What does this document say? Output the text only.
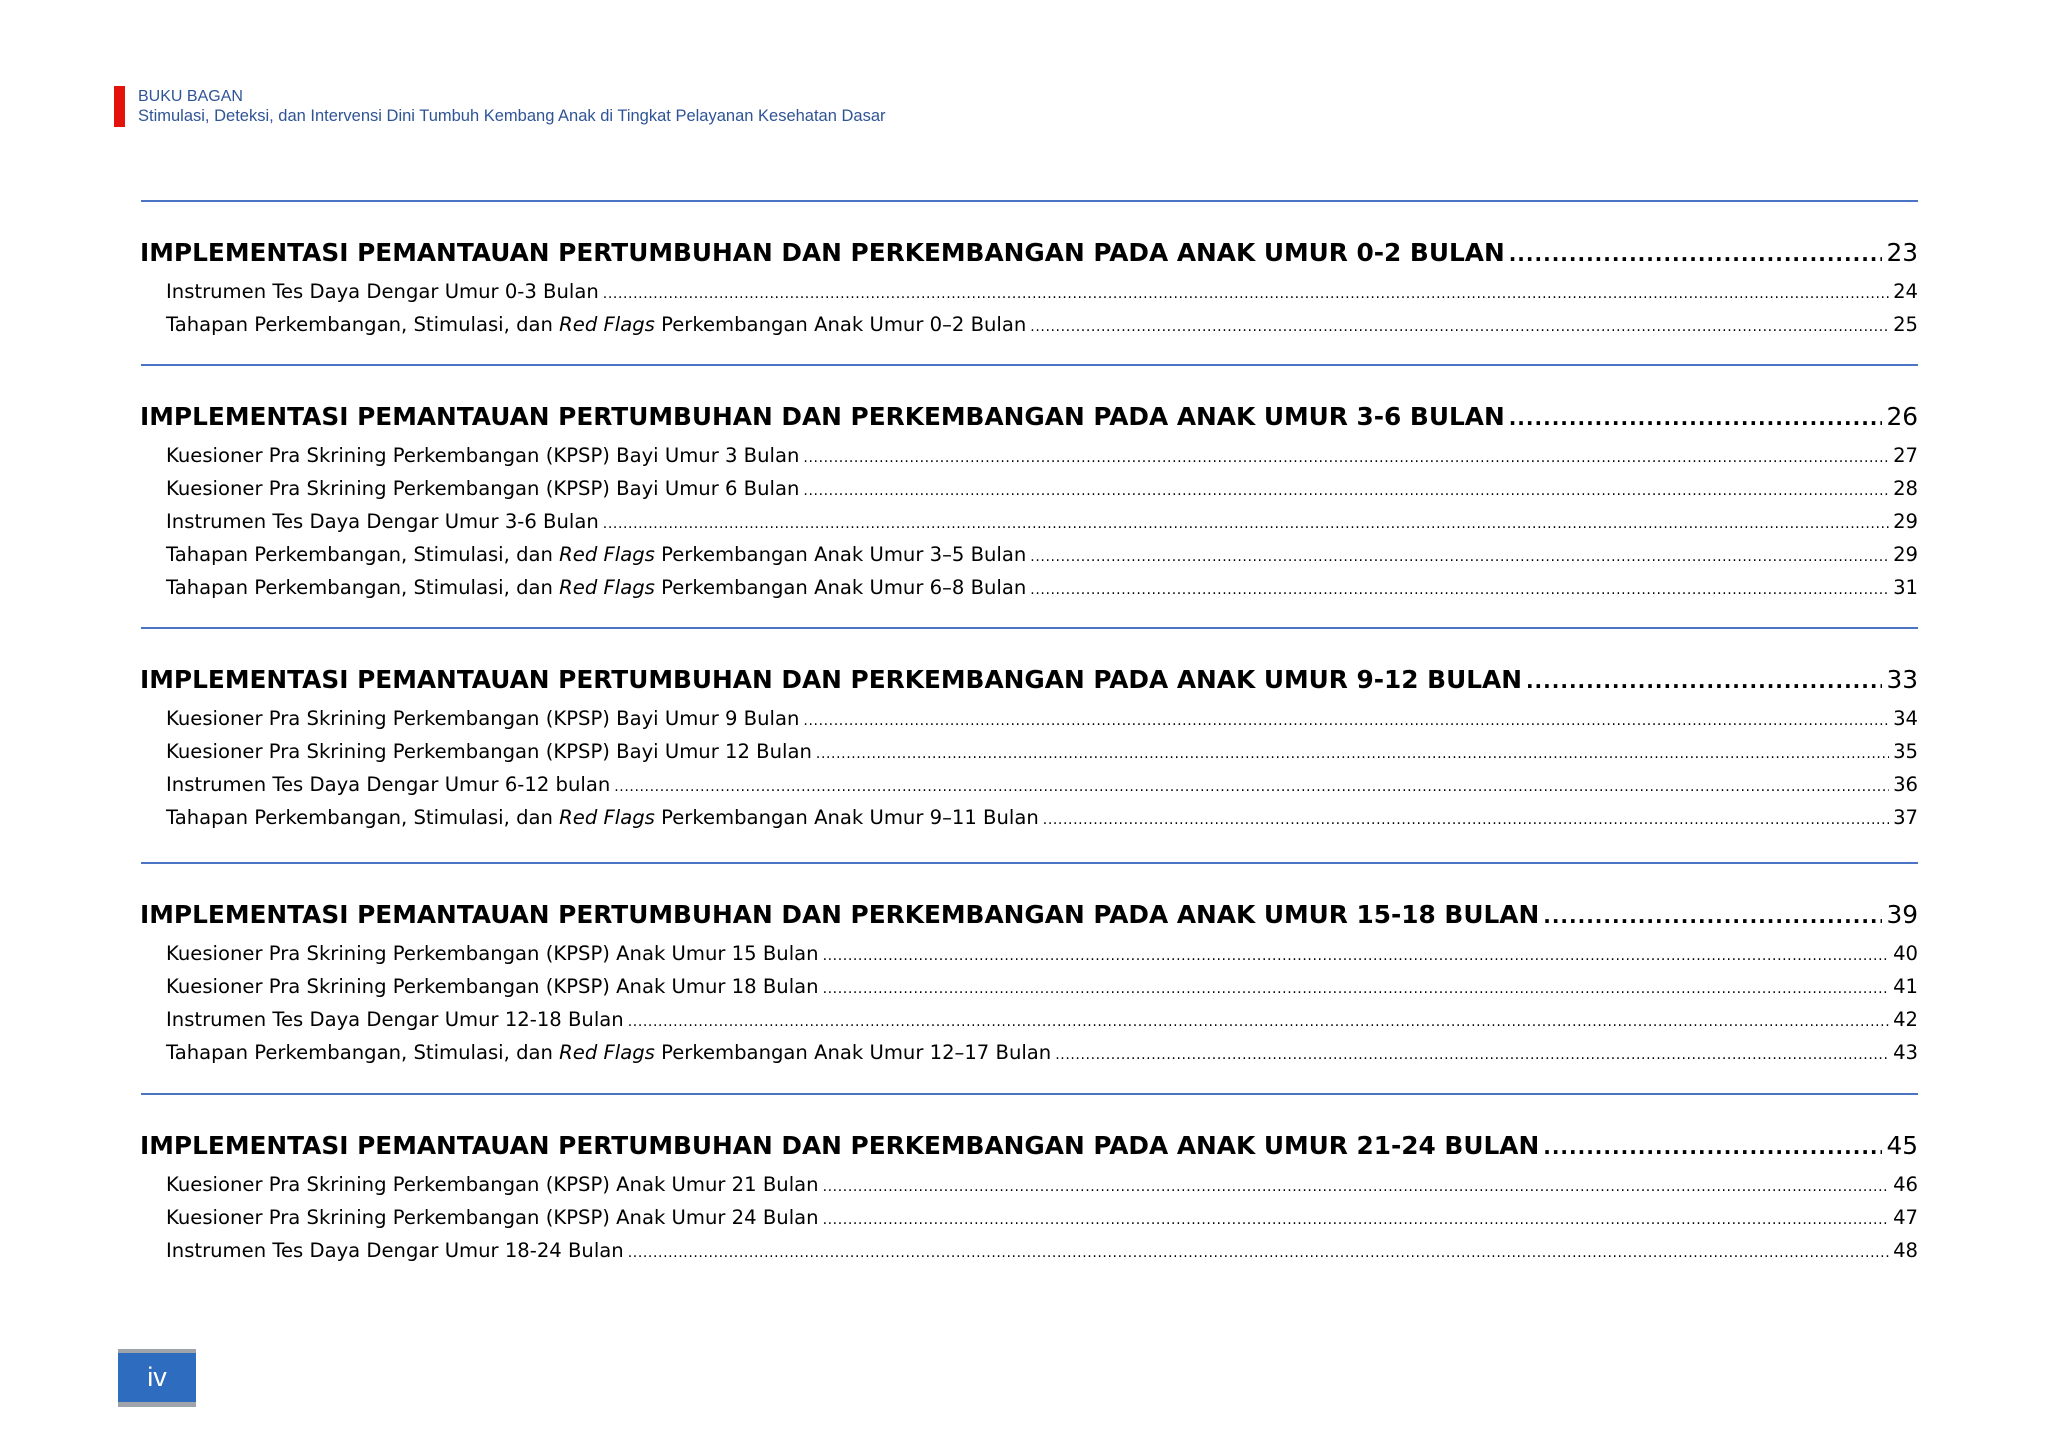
BUKU BAGAN
Stimulasi, Deteksi, dan Intervensi Dini Tumbuh Kembang Anak di Tingkat Pelayanan Kesehatan Dasar
IMPLEMENTASI PEMANTAUAN PERTUMBUHAN DAN PERKEMBANGAN PADA ANAK UMUR 0-2 BULAN .....	23
Instrumen Tes Daya Dengar Umur 0-3 Bulan .....	24
Tahapan Perkembangan, Stimulasi, dan Red Flags Perkembangan Anak Umur 0–2 Bulan .....	25
IMPLEMENTASI PEMANTAUAN PERTUMBUHAN DAN PERKEMBANGAN PADA ANAK UMUR 3-6 BULAN .....	26
Kuesioner Pra Skrining Perkembangan (KPSP) Bayi Umur 3 Bulan .....	27
Kuesioner Pra Skrining Perkembangan (KPSP) Bayi Umur 6 Bulan .....	28
Instrumen Tes Daya Dengar Umur 3-6 Bulan .....	29
Tahapan Perkembangan, Stimulasi, dan Red Flags Perkembangan Anak Umur 3–5 Bulan .....	29
Tahapan Perkembangan, Stimulasi, dan Red Flags Perkembangan Anak Umur 6–8 Bulan .....	31
IMPLEMENTASI PEMANTAUAN PERTUMBUHAN DAN PERKEMBANGAN PADA ANAK UMUR 9-12 BULAN .....	33
Kuesioner Pra Skrining Perkembangan (KPSP) Bayi Umur 9 Bulan .....	34
Kuesioner Pra Skrining Perkembangan (KPSP) Bayi Umur 12 Bulan .....	35
Instrumen Tes Daya Dengar Umur 6-12 bulan .....	36
Tahapan Perkembangan, Stimulasi, dan Red Flags Perkembangan Anak Umur 9–11 Bulan .....	37
IMPLEMENTASI PEMANTAUAN PERTUMBUHAN DAN PERKEMBANGAN PADA ANAK UMUR 15-18 BULAN .....	39
Kuesioner Pra Skrining Perkembangan (KPSP) Anak Umur 15 Bulan .....	40
Kuesioner Pra Skrining Perkembangan (KPSP) Anak Umur 18 Bulan .....	41
Instrumen Tes Daya Dengar Umur 12-18 Bulan .....	42
Tahapan Perkembangan, Stimulasi, dan Red Flags Perkembangan Anak Umur 12–17 Bulan .....	43
IMPLEMENTASI PEMANTAUAN PERTUMBUHAN DAN PERKEMBANGAN PADA ANAK UMUR 21-24 BULAN .....	45
Kuesioner Pra Skrining Perkembangan (KPSP) Anak Umur 21 Bulan .....	46
Kuesioner Pra Skrining Perkembangan (KPSP) Anak Umur 24 Bulan .....	47
Instrumen Tes Daya Dengar Umur 18-24 Bulan .....	48
iv
